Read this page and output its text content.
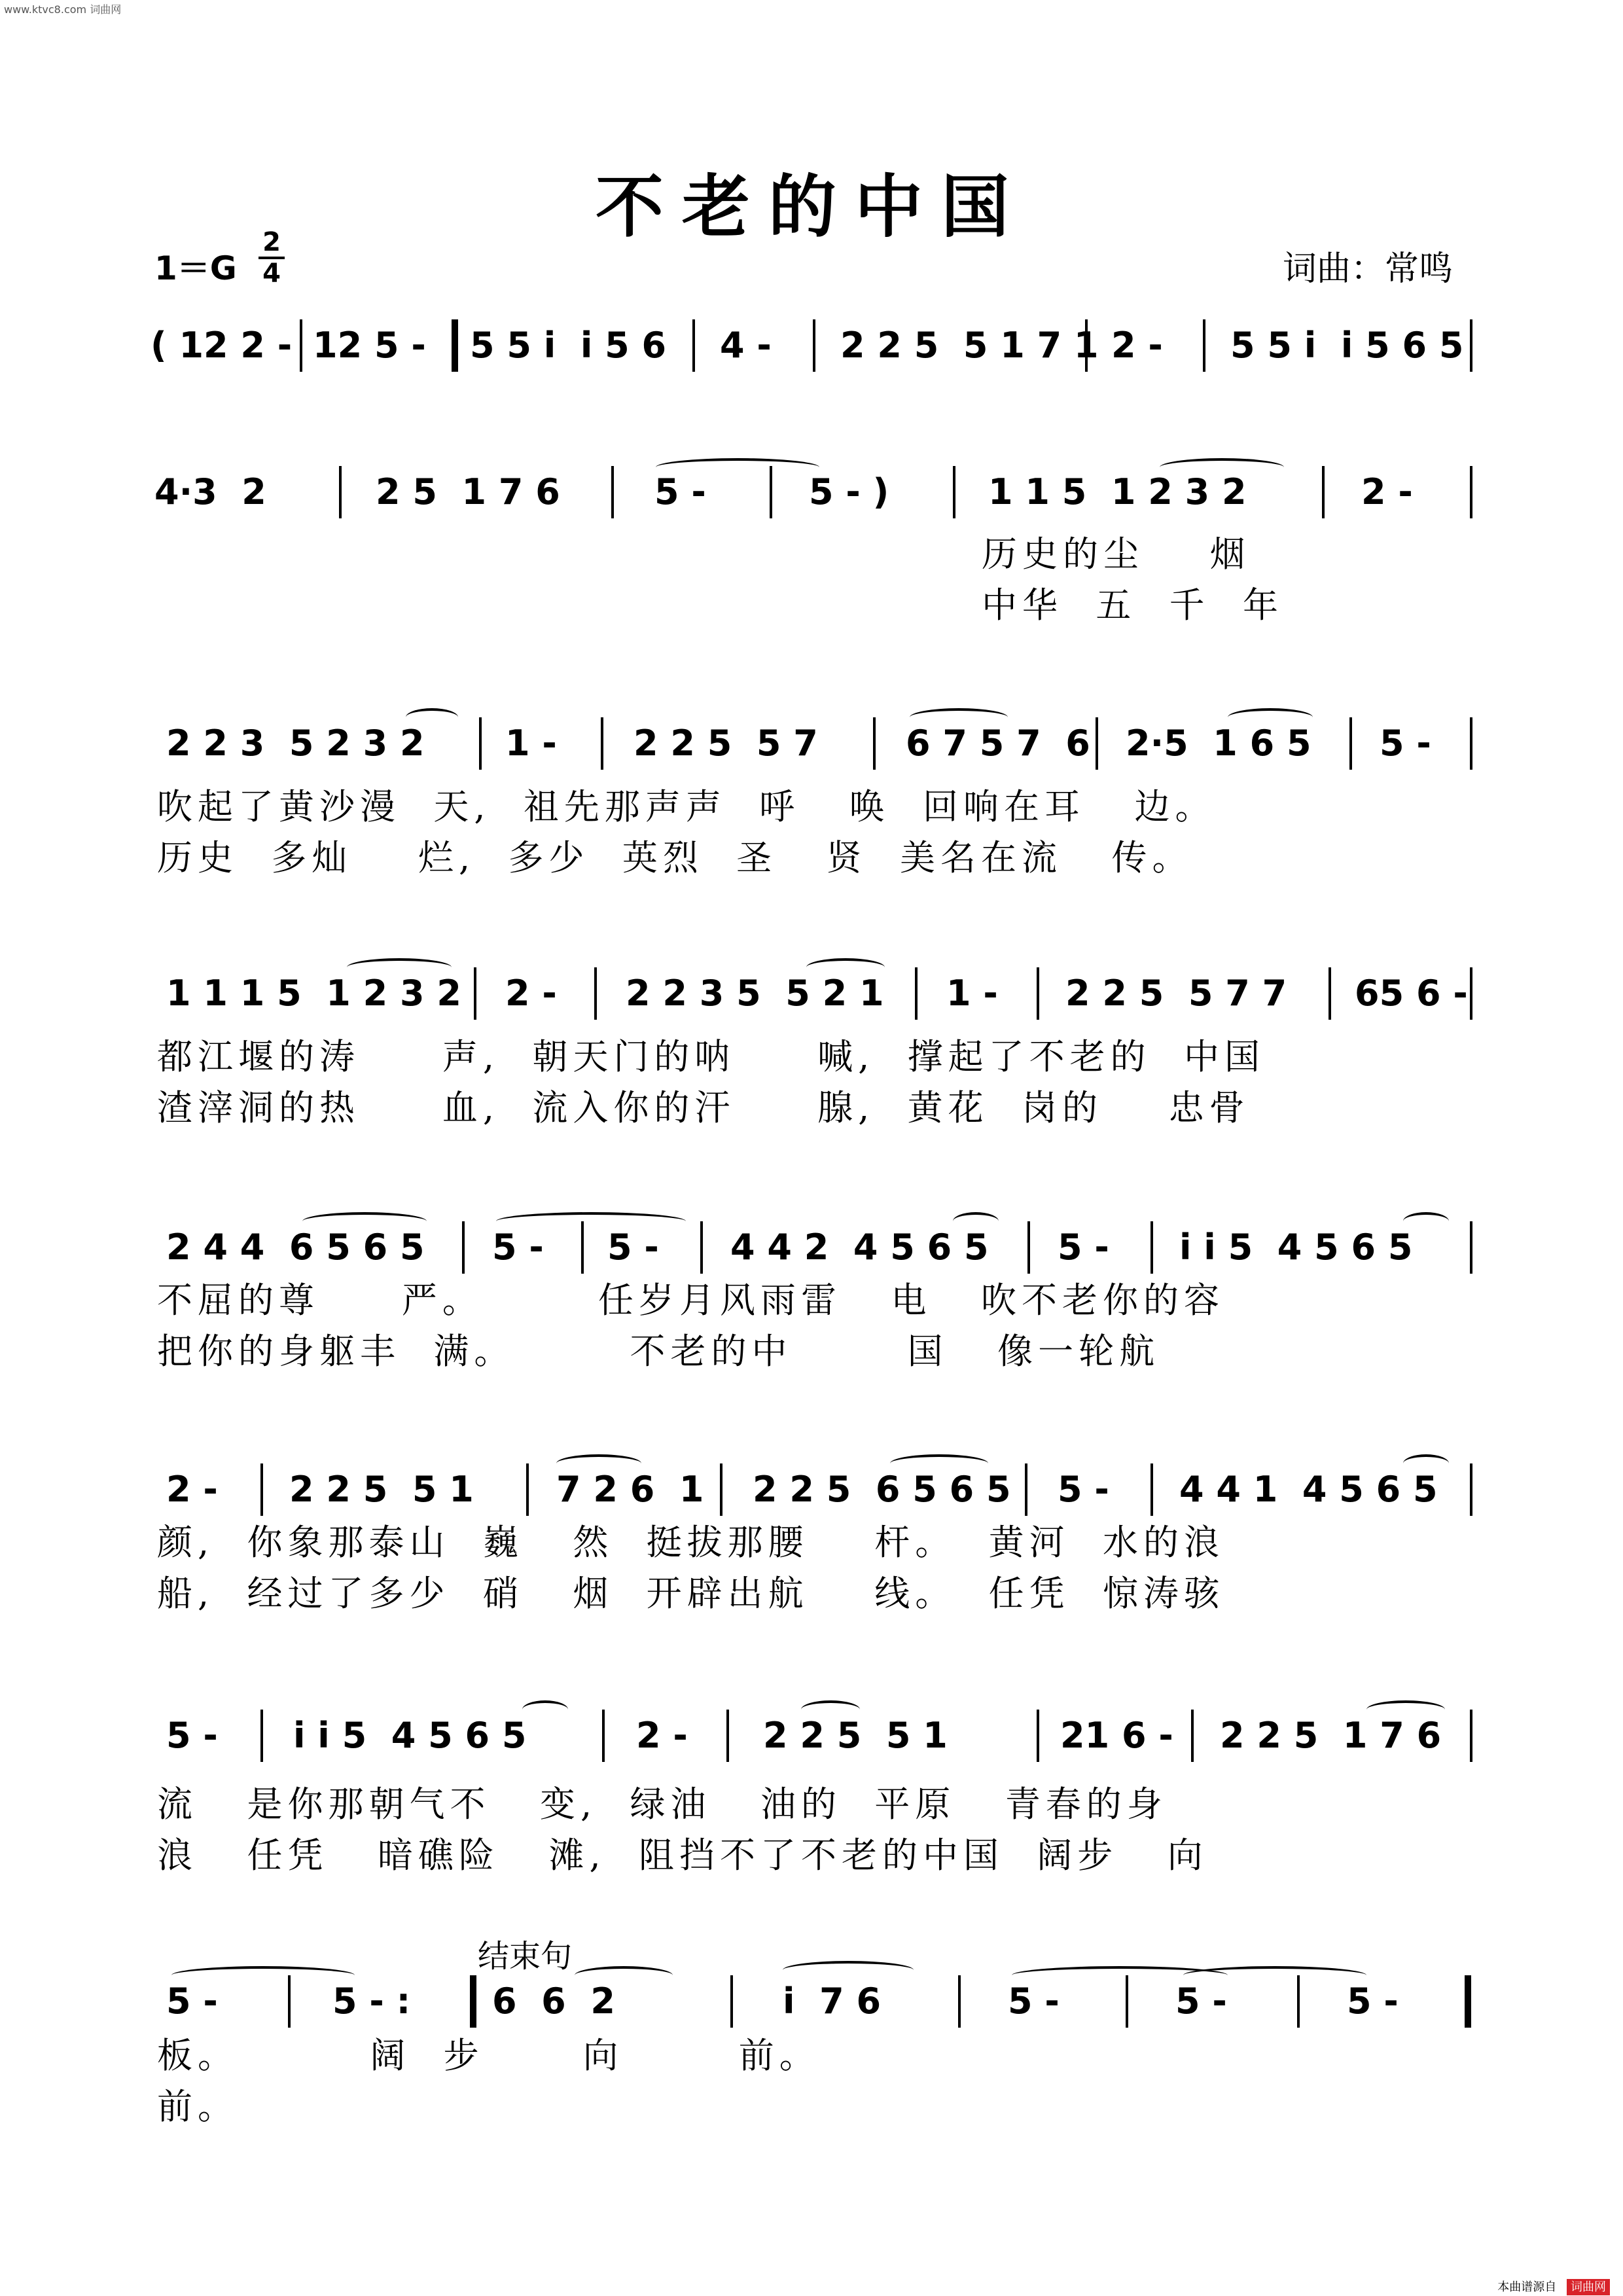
www.ktvc8.com 词曲网
不老的中国
1＝G
2
4	词曲：常鸣
( 12 2 - 12 5 - 5 5 i  i 5 6 4 - 2 2 5  5 1 7 1 2 - 5 5 i  i 5 6 5
4·3  2	2 5  1 7 6	5 -	5 - )	1 1 5  1 2 3 2	2 -
历史的尘    烟
中华  五  千  年
2 2 3  5 2 3 2 1 - 2 2 5  5 7 6 7 5 7  6 2·5  1 6 5 5 -
吹起了黄沙漫  天,  祖先那声声  呼   唤  回响在耳   边。
历史  多灿    烂,  多少  英烈  圣   贤  美名在流   传。
1 1 1 5  1 2 3 2 2 - 2 2 3 5  5 2 1 1 - 2 2 5  5 7 7 65 6 -
都江堰的涛     声,  朝天门的呐     喊,  撑起了不老的  中国
渣滓洞的热     血,  流入你的汗     腺,  黄花  岗的    忠骨
2 4 4  6 5 6 5 5 - 5 - 4 4 2  4 5 6 5 5 - i i 5  4 5 6 5
不屈的尊     严。       任岁月风雨雷   电   吹不老你的容
把你的身躯丰  满。       不老的中       国   像一轮航
2 - 2 2 5  5 1 7 2 6  1 2 2 5  6 5 6 5 5 - 4 4 1  4 5 6 5
颜,  你象那泰山  巍   然  挺拔那腰    杆。  黄河  水的浪
船,  经过了多少  硝   烟  开辟出航    线。  任凭  惊涛骇
5 - i i 5  4 5 6 5	2 - 2 2 5  5 1	21 6 - 2 2 5  1 7 6
流   是你那朝气不   变,  绿油   油的  平原   青春的身
浪   任凭   暗礁险   滩,  阻挡不了不老的中国  阔步   向
结束句
5 -	5 - : 6  6  2	i  7 6	5 -	5 -	5 -
板。        阔  步      向       前。
前。
本曲谱源自 词曲网
